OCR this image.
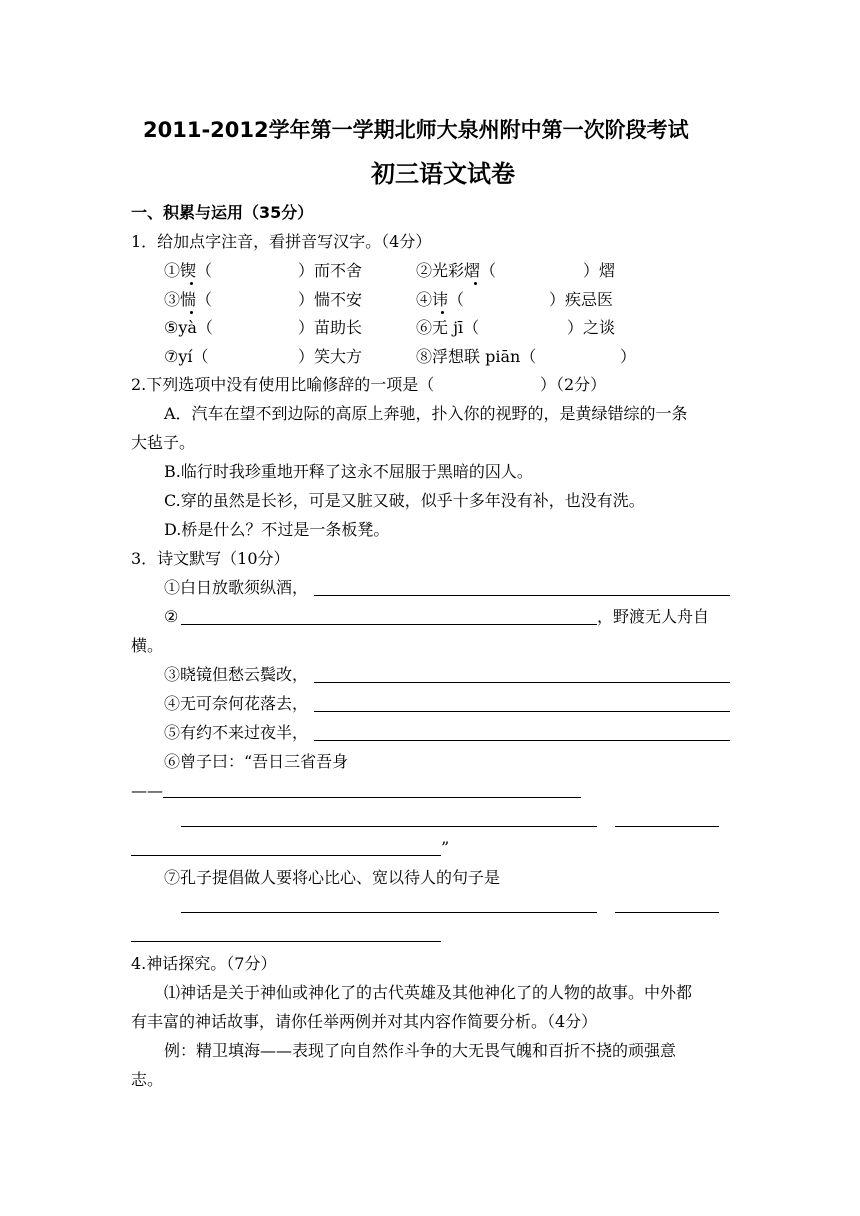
2011-2012学年第一学期北师大泉州附中第一次阶段考试
初三语文试卷
一、积累与运用（35分）
1．给加点字注音，看拼音写汉字。（4分）
①锲（	）而不舍	②光彩熠（	）熠
③惴（	）惴不安	④讳（	）疾忌医
⑤yà（	）苗助长	⑥无 jī（	）之谈
⑦yí（	）笑大方	⑧浮想联 piān（	）
2.下列选项中没有使用比喻修辞的一项是（	）（2分）
A．汽车在望不到边际的高原上奔驰，扑入你的视野的，是黄绿错综的一条
大毡子。
B.临行时我珍重地开释了这永不屈服于黑暗的囚人。
C.穿的虽然是长衫，可是又脏又破，似乎十多年没有补，也没有洗。
D.桥是什么？不过是一条板凳。
3．诗文默写（10分）
①白日放歌须纵酒，
②	，野渡无人舟自
横。
③晓镜但愁云鬓改，
④无可奈何花落去，
⑤有约不来过夜半，
⑥曾子曰：“吾日三省吾身
——
”
⑦孔子提倡做人要将心比心、宽以待人的句子是
4.神话探究。（7分）
⑴神话是关于神仙或神化了的古代英雄及其他神化了的人物的故事。中外都
有丰富的神话故事，请你任举两例并对其内容作简要分析。（4分）
例：精卫填海——表现了向自然作斗争的大无畏气魄和百折不挠的顽强意
志。
